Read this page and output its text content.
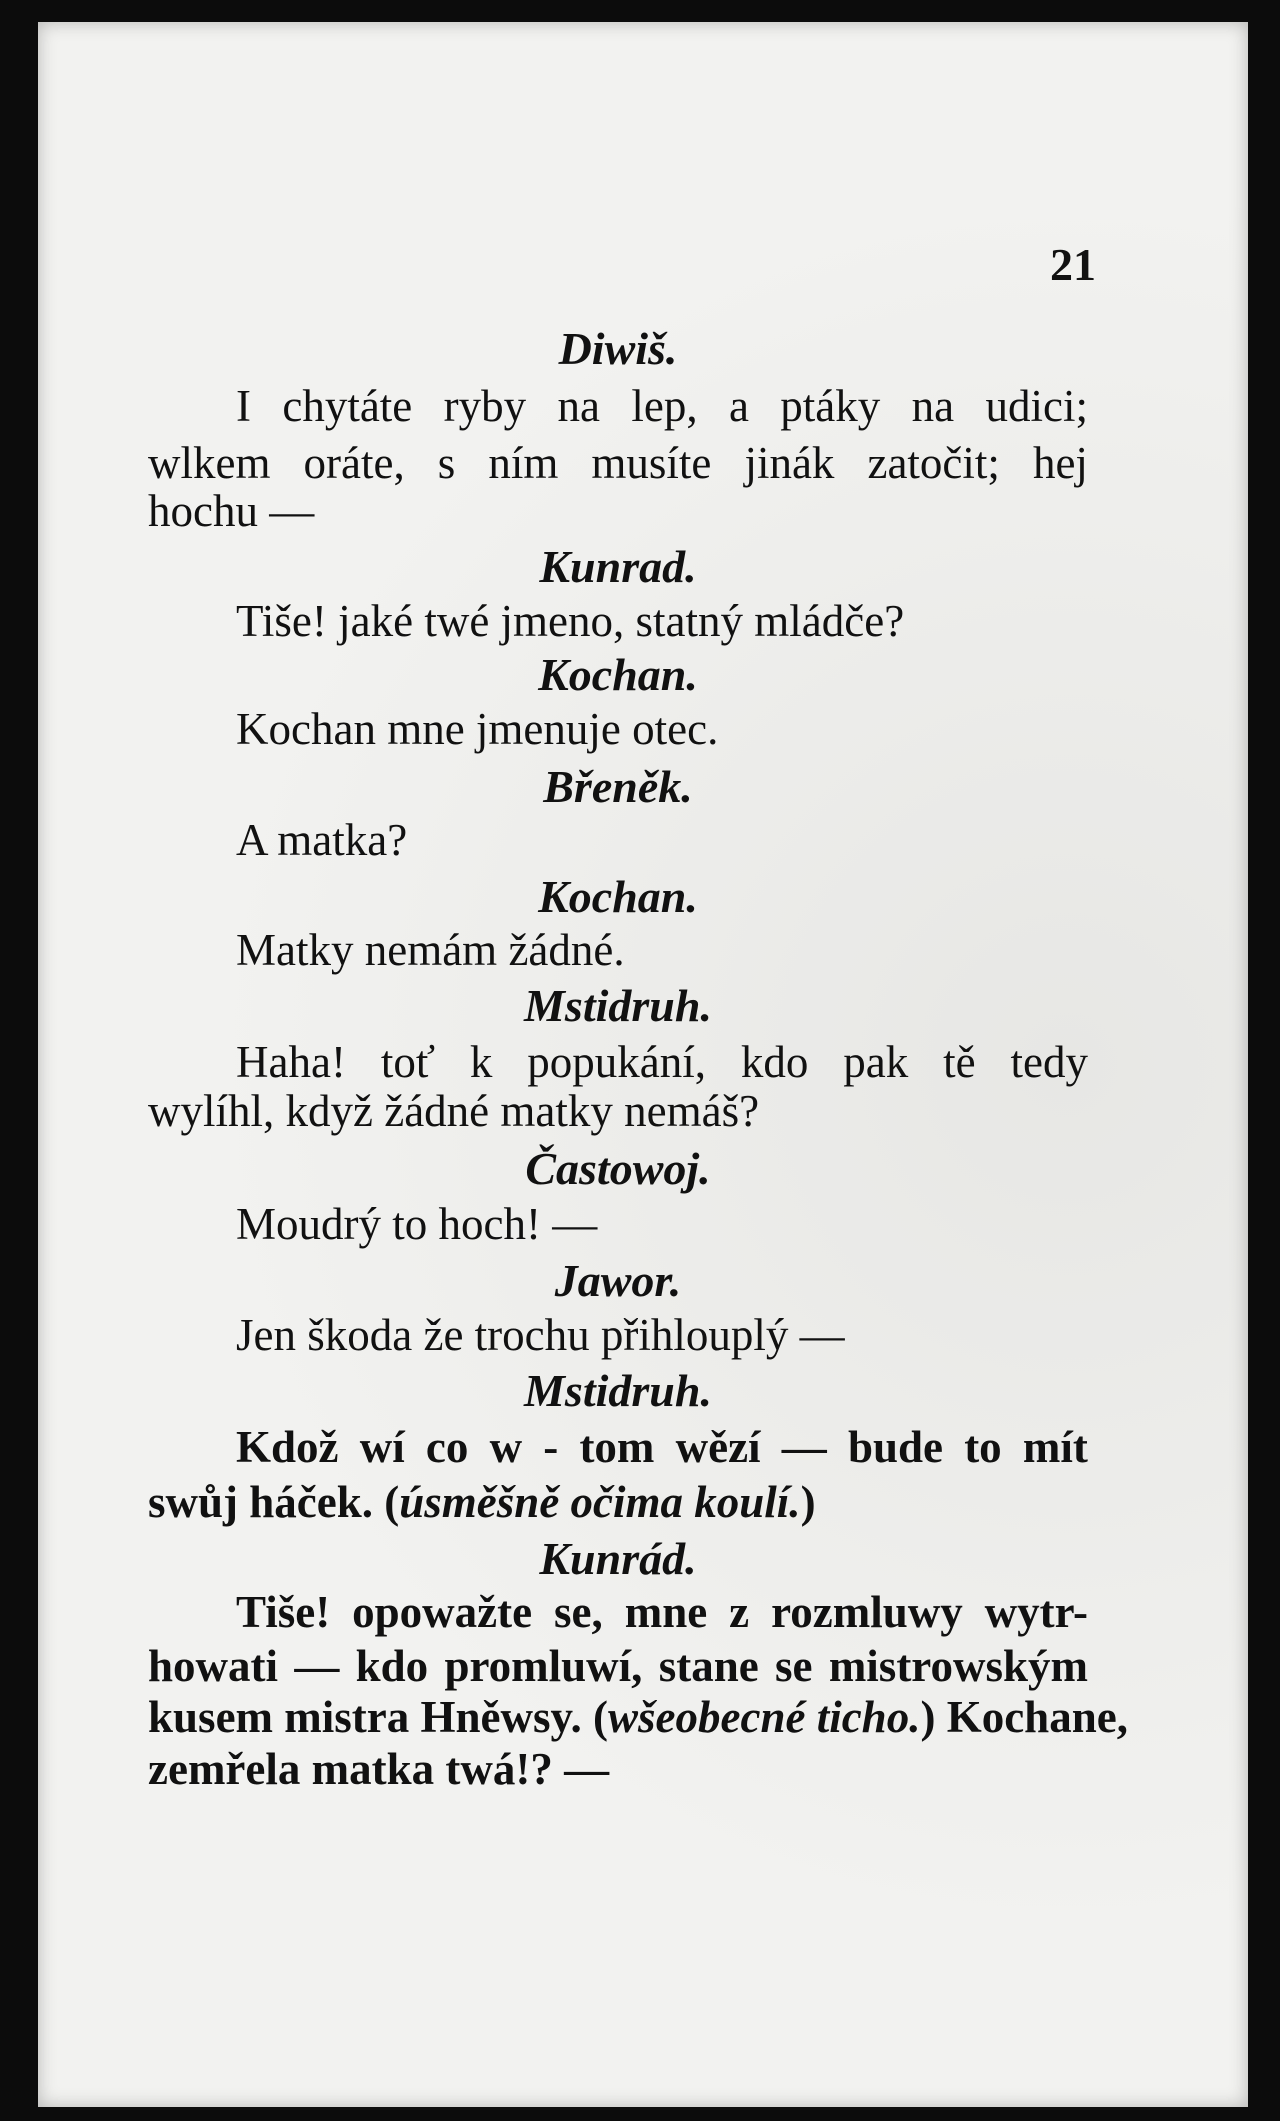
21
Diwiš.
I chytáte ryby na lep, a ptáky na udici;
wlkem oráte, s ním musíte jinák zatočit; hej
hochu —
Kunrad.
Tiše! jaké twé jmeno, statný mládče?
Kochan.
Kochan mne jmenuje otec.
Břeněk.
A matka?
Kochan.
Matky nemám žádné.
Mstidruh.
Haha! toť k popukání, kdo pak tě tedy
wylíhl, když žádné matky nemáš?
Častowoj.
Moudrý to hoch! —
Jawor.
Jen škoda že trochu přihlouplý —
Mstidruh.
Kdož wí co w - tom wězí — bude to mít
swůj háček. (úsměšně očima koulí.)
Kunrád.
Tiše! opowažte se, mne z rozmluwy wytr-
howati — kdo promluwí, stane se mistrowským
kusem mistra Hněwsy. (wšeobecné ticho.) Kochane,
zemřela matka twá!? —
